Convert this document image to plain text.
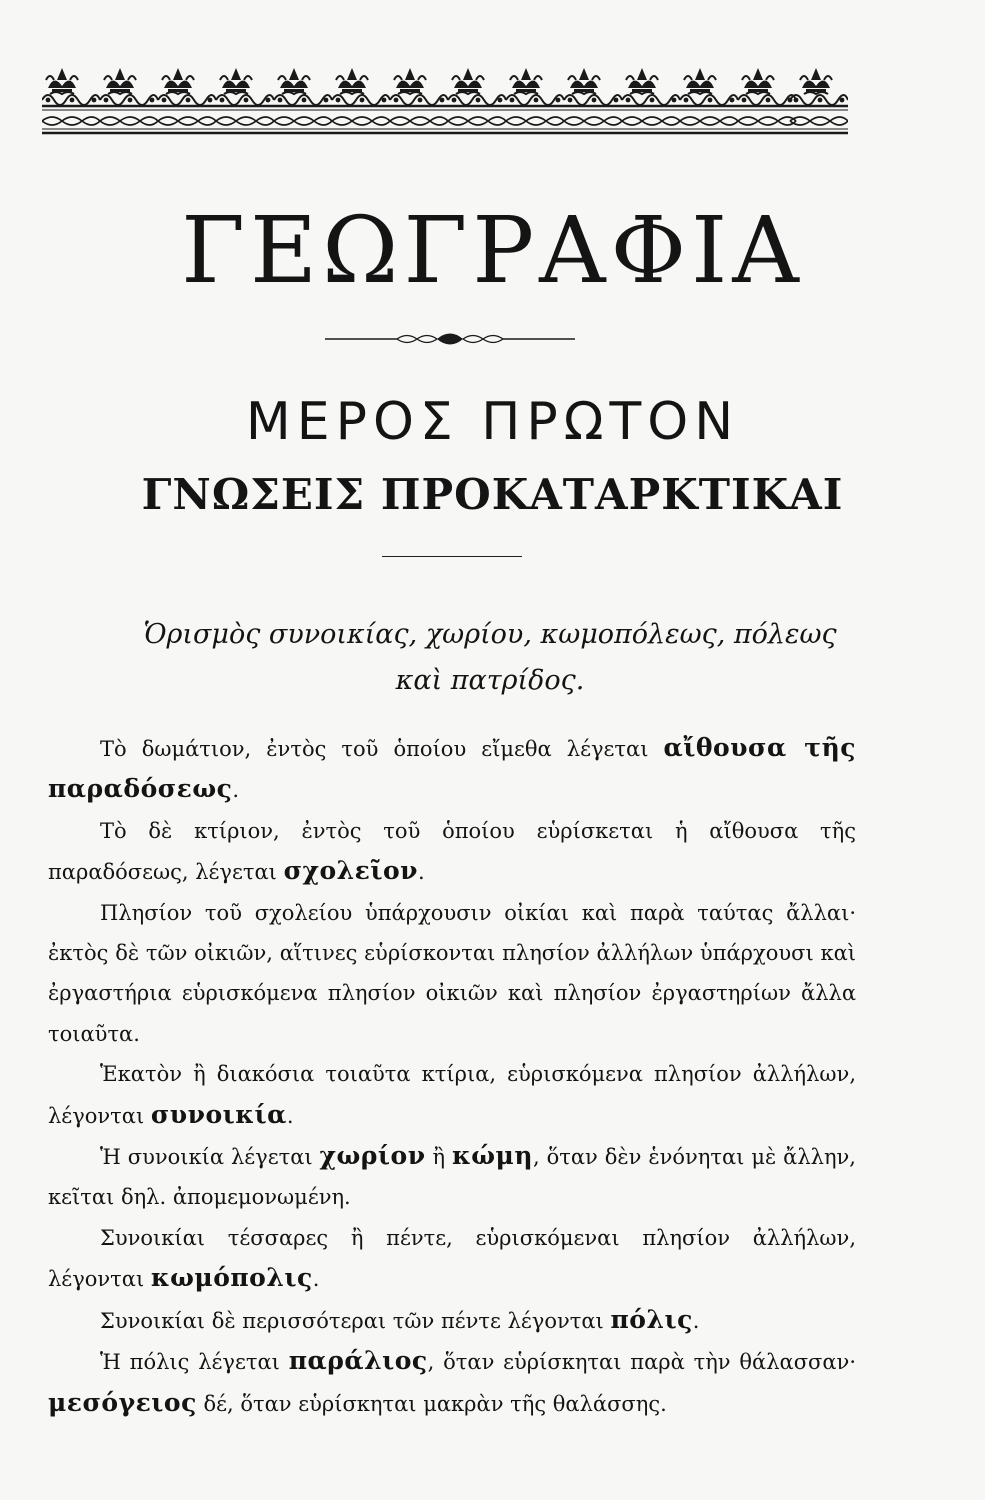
ΓΕΩΓΡΑΦΙΑ
ΜΕΡΟΣ ΠΡΩΤΟΝ
ΓΝΩΣΕΙΣ ΠΡΟΚΑΤΑΡΚΤΙΚΑΙ
Ὁρισμὸς συνοικίας, χωρίου, κωμοπόλεως, πόλεως
καὶ πατρίδος.

Τὸ δωμάτιον, ἐντὸς τοῦ ὁποίου εἴμεθα λέγεται αἴθουσα τῆς παραδόσεως.

Τὸ δὲ κτίριον, ἐντὸς τοῦ ὁποίου εὑρίσκεται ἡ αἴθουσα τῆς παραδόσεως, λέγεται σχολεῖον.

Πλησίον τοῦ σχολείου ὑπάρχουσιν οἰκίαι καὶ παρὰ ταύτας ἄλλαι· ἐκτὸς δὲ τῶν οἰκιῶν, αἵτινες εὑρίσκονται πλησίον ἀλλήλων ὑπάρχουσι καὶ ἐργαστήρια εὑρισκόμενα πλησίον οἰκιῶν καὶ πλησίον ἐργαστηρίων ἄλλα τοιαῦτα.

Ἑκατὸν ἢ διακόσια τοιαῦτα κτίρια, εὑρισκόμενα πλησίον ἀλλήλων, λέγονται συνοικία.

Ἡ συνοικία λέγεται χωρίον ἢ κώμη, ὅταν δὲν ἑνόνηται μὲ ἄλλην, κεῖται δηλ. ἀπομεμονωμένη.

Συνοικίαι τέσσαρες ἢ πέντε, εὑρισκόμεναι πλησίον ἀλλήλων, λέγονται κωμόπολις.

Συνοικίαι δὲ περισσότεραι τῶν πέντε λέγονται πόλις.

Ἡ πόλις λέγεται παράλιος, ὅταν εὑρίσκηται παρὰ τὴν θάλασσαν· μεσόγειος δέ, ὅταν εὑρίσκηται μακρὰν τῆς θαλάσσης.
